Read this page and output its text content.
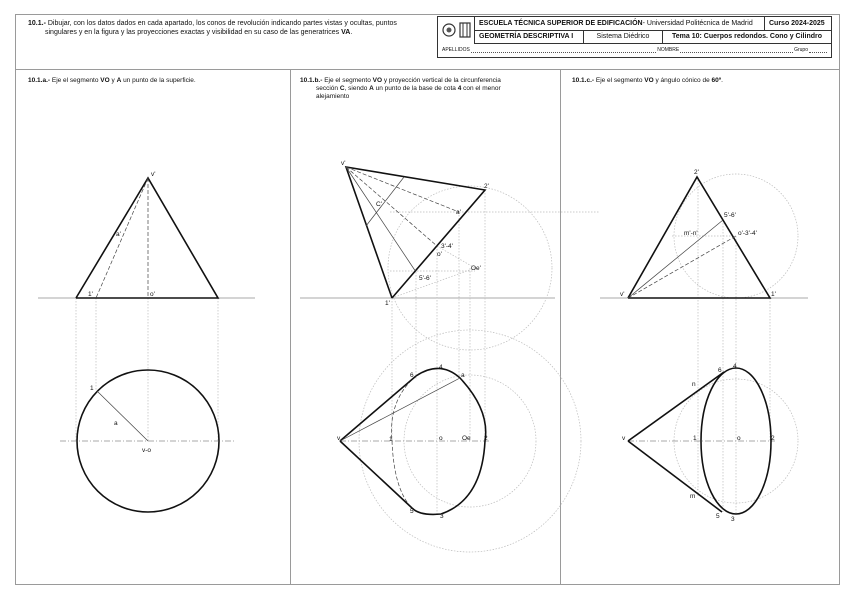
10.1.- Dibujar, con los datos dados en cada apartado, los conos de revolución indicando partes vistas y ocultas, puntos
singulares y en la figura y las proyecciones exactas y visibilidad en su caso de las generatrices VA.
ESCUELA TÉCNICA SUPERIOR DE EDIFICACIÓN - Universidad Politécnica de Madrid Curso 2024-2025
GEOMETRÍA DESCRIPTIVA I	Sistema Diédrico	Tema 10: Cuerpos redondos. Cono y Cilindro
APELLIDOS	NOMBRE	Grupo
10.1.a.- Eje el segmento VO y A un punto de la superficie.	10.1.b.- Eje el segmento VO y proyección vertical de la circunferencia
sección C, siendo A un punto de la base de cota 4 con el menor
alejamiento
10.1.c.- Eje el segmento VO y ángulo cónico de 60º.
v'
a'
1'	o'
1
a
v-o
v'
2'
C'
a'
3'-4'
o'
Oe'
5'-6'
1'
v
6
4
a
1	o	Oe 2
5
3
2'
5'-6'
m'-n'	o'-3'-4'
v'	1'
6
4
n
v	1	o	2
m
5 3
